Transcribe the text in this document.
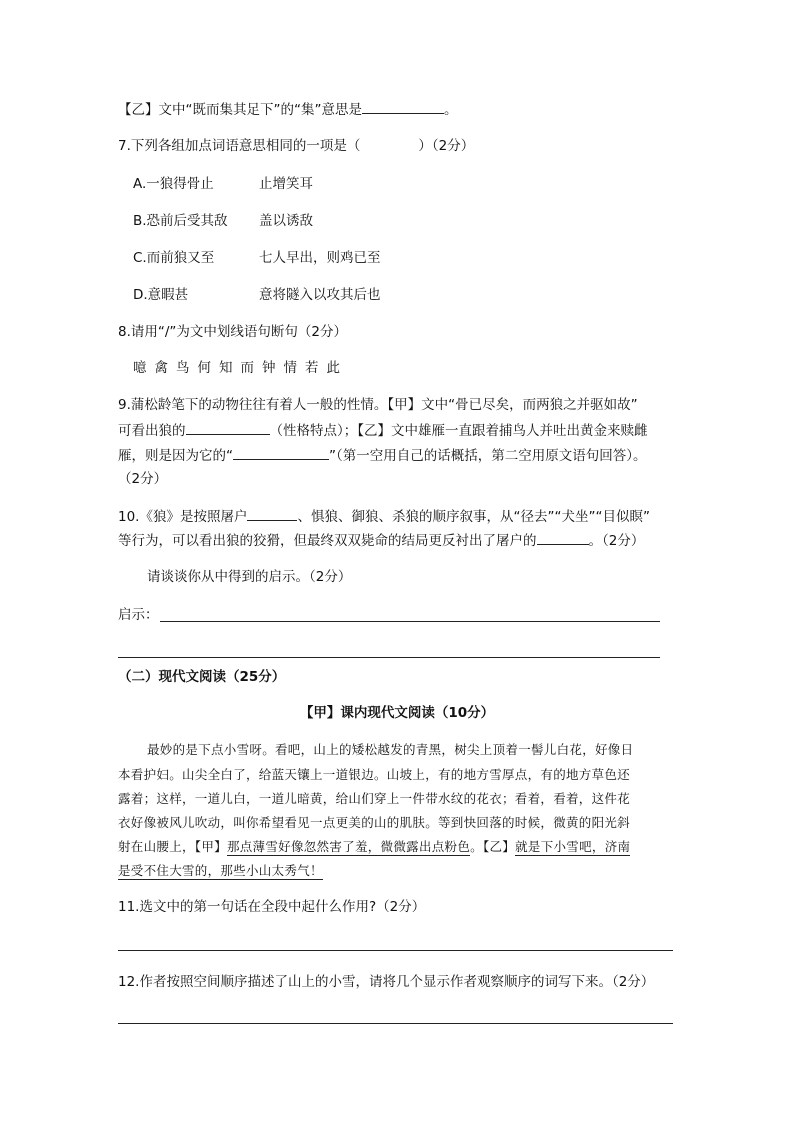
【乙】文中“既而集其足下”的“集”意思是	。
7.下列各组加点词语意思相同的一项是（	）（2分）
A.一狼得骨止	止增笑耳
B.恐前后受其敌 盖以诱敌
C.而前狼又至	七人早出，则鸡已至
D.意暇甚	意将隧入以攻其后也
8.请用“/”为文中划线语句断句（2分）
噫禽鸟何知而钟情若此
9.蒲松龄笔下的动物往往有着人一般的性情。【甲】文中“骨已尽矣，而两狼之并驱如故”
可看出狼的	（性格特点）；【乙】文中雄雁一直跟着捕鸟人并吐出黄金来赎雌
雁，则是因为它的“	”（第一空用自己的话概括，第二空用原文语句回答）。
（2分）
10.《狼》是按照屠户	、惧狼、御狼、杀狼的顺序叙事，从“径去”“犬坐”“目似瞑”
等行为，可以看出狼的狡猾，但最终双双毙命的结局更反衬出了屠户的	。（2分）
请谈谈你从中得到的启示。（2分）
启示：
（二）现代文阅读（25分）
【甲】课内现代文阅读（10分）
最妙的是下点小雪呀。看吧，山上的矮松越发的青黑，树尖上顶着一髻儿白花，好像日
本看护妇。山尖全白了，给蓝天镶上一道银边。山坡上，有的地方雪厚点，有的地方草色还
露着；这样，一道儿白，一道儿暗黄，给山们穿上一件带水纹的花衣；看着，看着，这件花
衣好像被风儿吹动，叫你希望看见一点更美的山的肌肤。等到快回落的时候，微黄的阳光斜
射在山腰上，【甲】那点薄雪好像忽然害了羞，微微露出点粉色。【乙】就是下小雪吧，济南
是受不住大雪的，那些小山太秀气！
11.选文中的第一句话在全段中起什么作用?（2分）
12.作者按照空间顺序描述了山上的小雪，请将几个显示作者观察顺序的词写下来。（2分）
